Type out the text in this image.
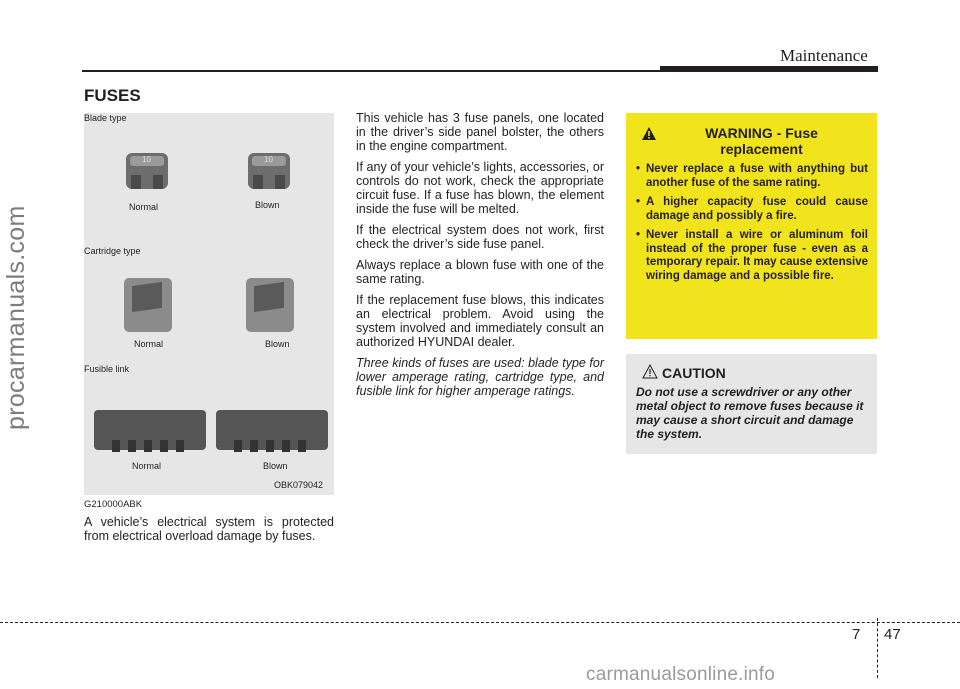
procarmanuals.com
Maintenance
FUSES
Blade type
10
Normal
10
Blown
Cartridge type
Normal	Blown
Fusible link
Normal	Blown
OBK079042
G210000ABK
A vehicle’s electrical system is protected from electrical overload damage by fuses.

This vehicle has 3 fuse panels, one located in the driver’s side panel bolster, the others in the engine compartment.

If any of your vehicle’s lights, accessories, or controls do not work, check the appropriate circuit fuse. If a fuse has blown, the element inside the fuse will be melted.

If the electrical system does not work, first check the driver’s side fuse panel.

Always replace a blown fuse with one of the same rating.

If the replacement fuse blows, this indicates an electrical problem. Avoid using the system involved and immediately consult an authorized HYUNDAI dealer.

Three kinds of fuses are used: blade type for lower amperage rating, cartridge type, and fusible link for higher amperage ratings.

WARNING - Fuse replacement
• Never replace a fuse with anything but another fuse of the same rating.
• A higher capacity fuse could cause damage and possibly a fire.
• Never install a wire or aluminum foil instead of the proper fuse - even as a temporary repair. It may cause extensive wiring damage and a possible fire.
CAUTION
Do not use a screwdriver or any other metal object to remove fuses because it may cause a short circuit and damage the system.
7 47
carmanualsonline.info
